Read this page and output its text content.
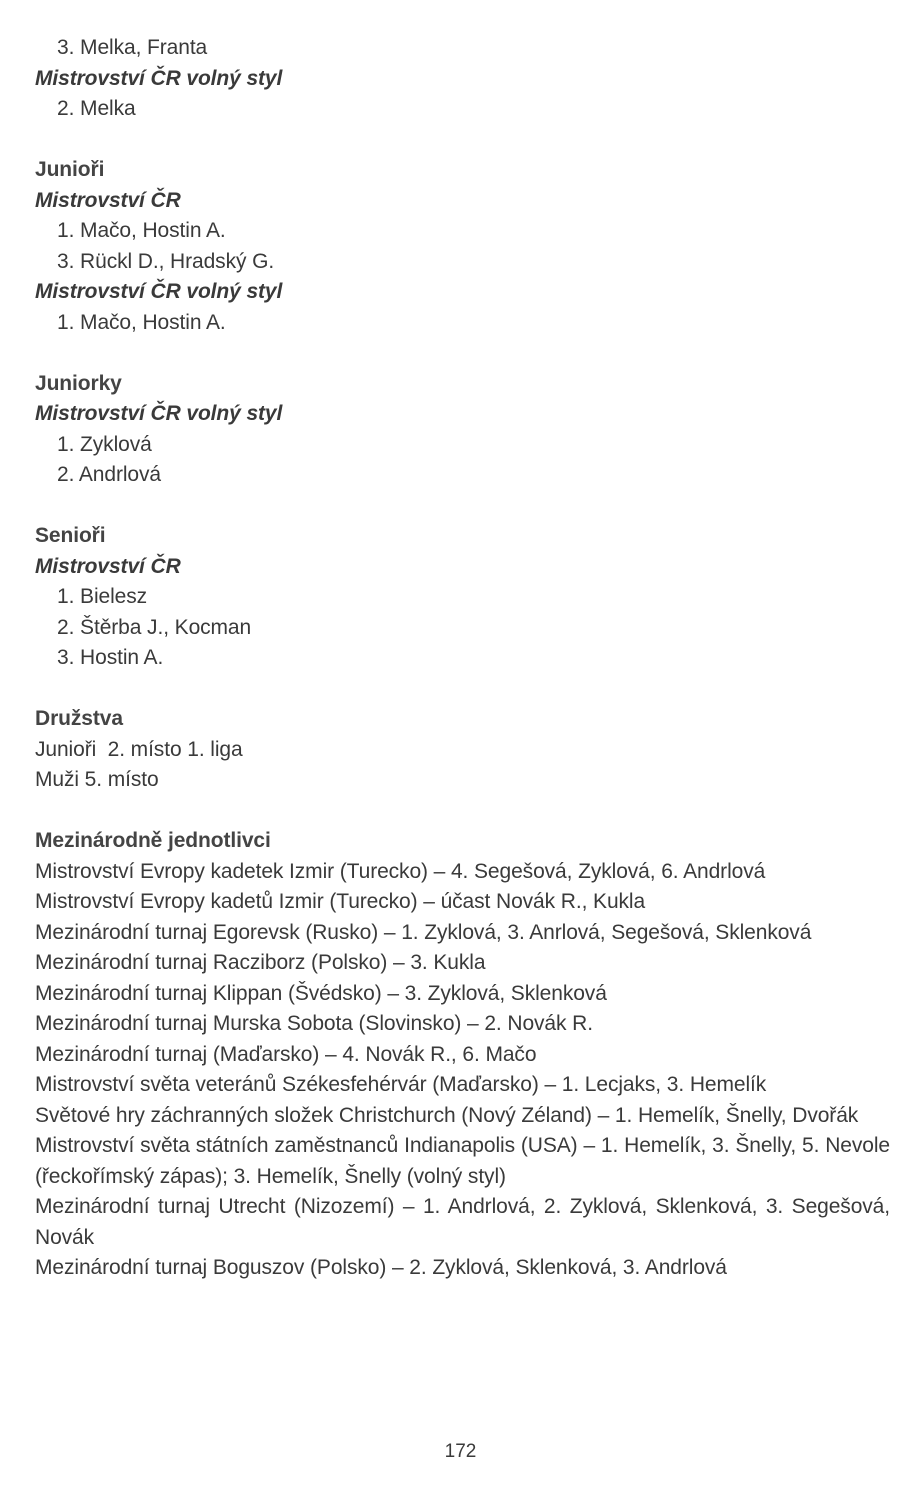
3. Melka, Franta
Mistrovství ČR volný styl
2. Melka
Junioři
Mistrovství ČR
1. Mačo, Hostin A.
3. Rückl D., Hradský G.
Mistrovství ČR volný styl
1. Mačo, Hostin A.
Juniorky
Mistrovství ČR volný styl
1. Zyklová
2. Andrlová
Senioři
Mistrovství ČR
1. Bielesz
2. Štěrba J., Kocman
3. Hostin A.
Družstva
Junioři  2. místo 1. liga
Muži 5. místo
Mezinárodně jednotlivci
Mistrovství Evropy kadetek Izmir (Turecko) – 4. Segešová, Zyklová, 6. Andrlová
Mistrovství Evropy kadetů Izmir (Turecko) – účast Novák R., Kukla
Mezinárodní turnaj Egorevsk (Rusko) – 1. Zyklová, 3. Anrlová, Segešová, Sklenková
Mezinárodní turnaj Racziborz (Polsko) – 3. Kukla
Mezinárodní turnaj Klippan (Švédsko) – 3. Zyklová, Sklenková
Mezinárodní turnaj Murska Sobota (Slovinsko) – 2. Novák R.
Mezinárodní turnaj (Maďarsko) – 4. Novák R., 6. Mačo
Mistrovství světa veteránů Székesfehérvár (Maďarsko) – 1. Lecjaks, 3. Hemelík
Světové hry záchranných složek Christchurch (Nový Zéland) – 1. Hemelík, Šnelly, Dvořák
Mistrovství světa státních zaměstnanců Indianapolis (USA) – 1. Hemelík, 3. Šnelly, 5. Nevole (řeckořímský zápas); 3. Hemelík, Šnelly (volný styl)
Mezinárodní turnaj Utrecht (Nizozemí) – 1. Andrlová, 2. Zyklová, Sklenková, 3. Segešová, Novák
Mezinárodní turnaj Boguszov (Polsko) – 2. Zyklová, Sklenková, 3. Andrlová
172
